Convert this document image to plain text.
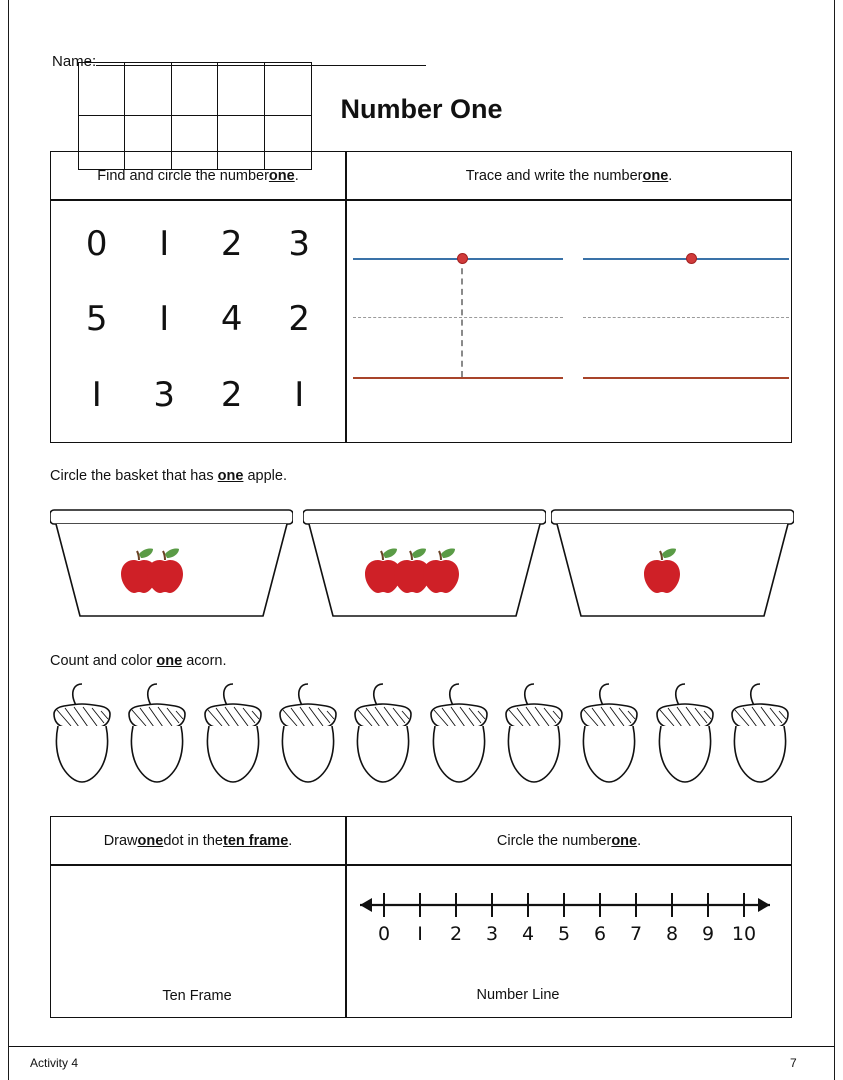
Name:
Number One
Find and circle the number one .	Trace and write the number one .
0 I 2 3
5 I 4 2
I 3 2 I
Circle the basket that has one apple.
Count and color one acorn.
Draw one dot in the ten frame .	Circle the number one .
0	I	2	3	4	5	6	7	8	9 10
Ten Frame	Number Line
Activity 4	7
